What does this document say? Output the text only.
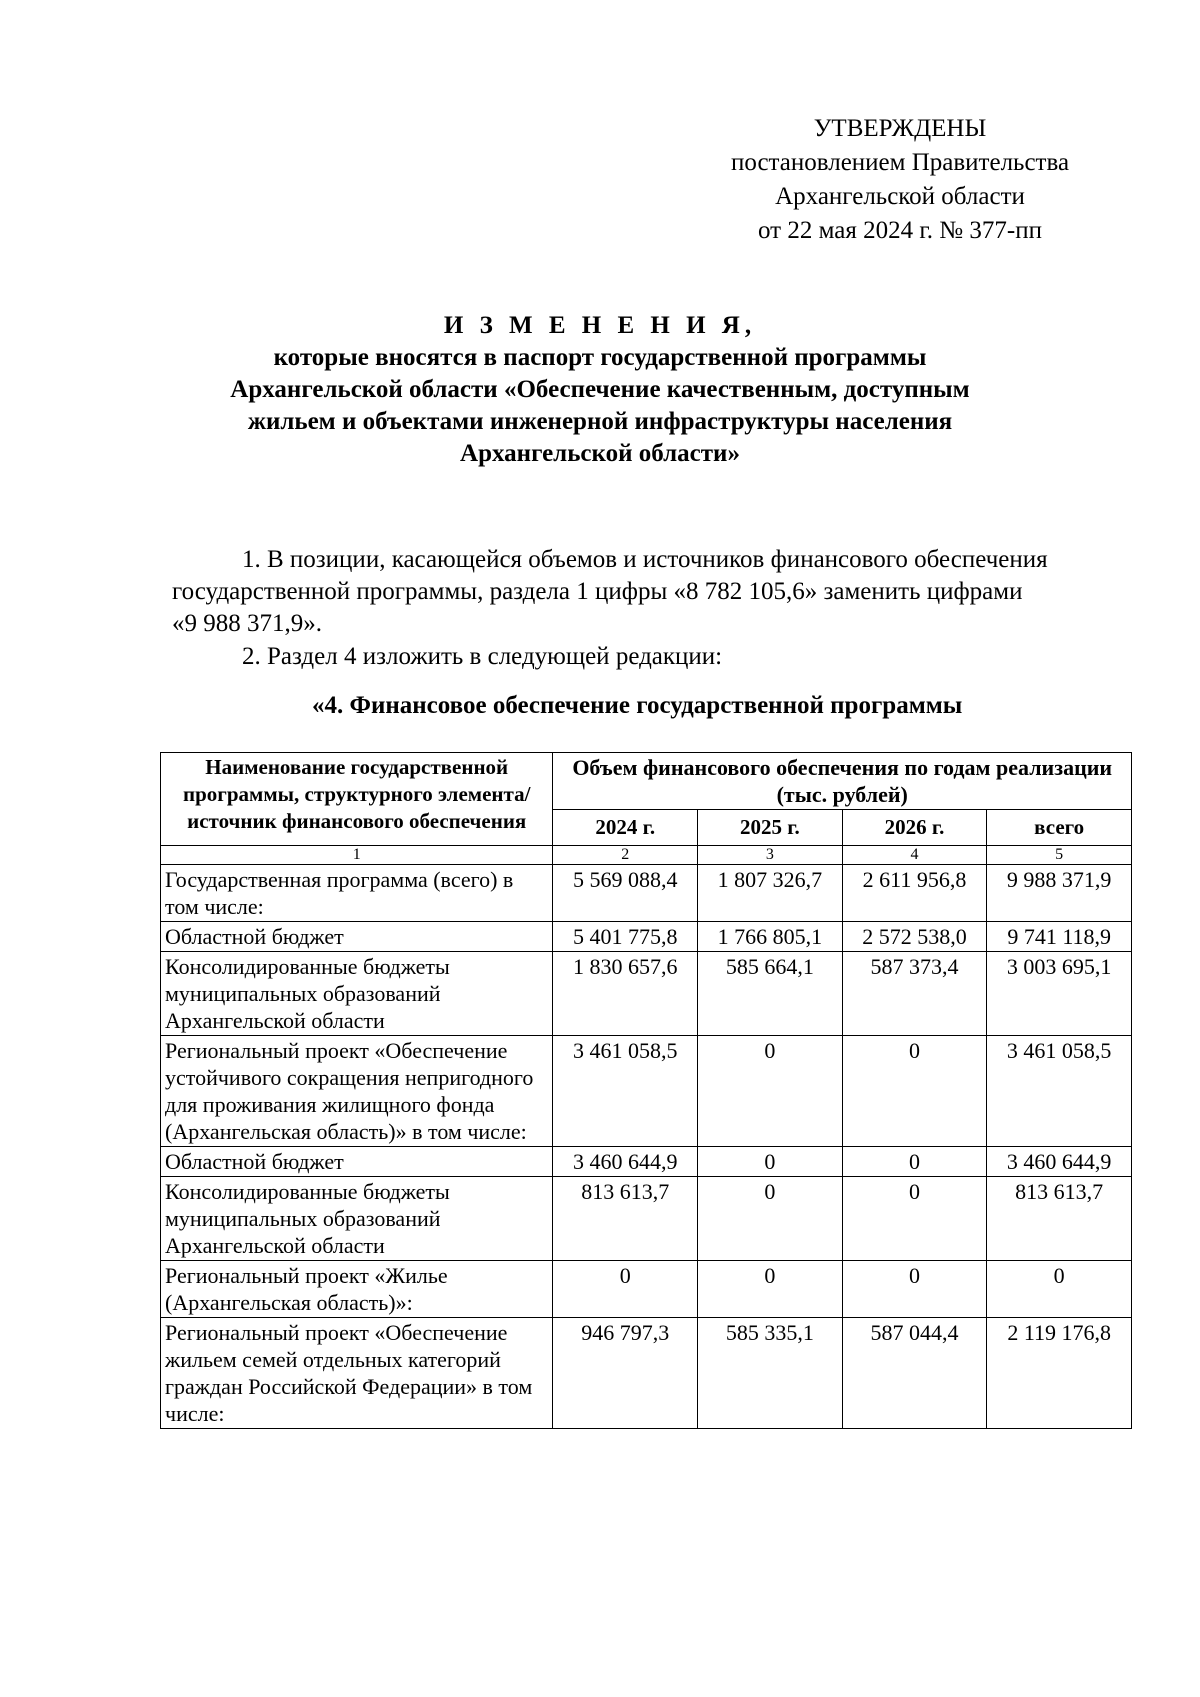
УТВЕРЖДЕНЫ
постановлением Правительства
Архангельской области
от 22 мая 2024 г. № 377-пп
И З М Е Н Е Н И Я,
которые вносятся в паспорт государственной программы
Архангельской области «Обеспечение качественным, доступным
жильем и объектами инженерной инфраструктуры населения
Архангельской области»
1. В позиции, касающейся объемов и источников финансового обеспечения
государственной программы, раздела 1 цифры «8 782 105,6» заменить цифрами
«9 988 371,9».
2. Раздел 4 изложить в следующей редакции:
«4. Финансовое обеспечение государственной программы
Наименование государственной программы, структурного элемента/источник финансового обеспечения	Объем финансового обеспечения по годам реализации (тыс. рублей)			
	2024 г.	2025 г.	2026 г.	всего
1	2	3	4	5
Государственная программа (всего) в том числе:	5 569 088,4	1 807 326,7	2 611 956,8	9 988 371,9
Областной бюджет	5 401 775,8	1 766 805,1	2 572 538,0	9 741 118,9
Консолидированные бюджеты муниципальных образований Архангельской области	1 830 657,6	585 664,1	587 373,4	3 003 695,1
Региональный проект «Обеспечение устойчивого сокращения непригодного для проживания жилищного фонда (Архангельская область)» в том числе:	3 461 058,5	0	0	3 461 058,5
Областной бюджет	3 460 644,9	0	0	3 460 644,9
Консолидированные бюджеты муниципальных образований Архангельской области	813 613,7	0	0	813 613,7
Региональный проект «Жилье (Архангельская область)»:	0	0	0	0
Региональный проект «Обеспечение жильем семей отдельных категорий граждан Российской Федерации» в том числе:	946 797,3	585 335,1	587 044,4	2 119 176,8
